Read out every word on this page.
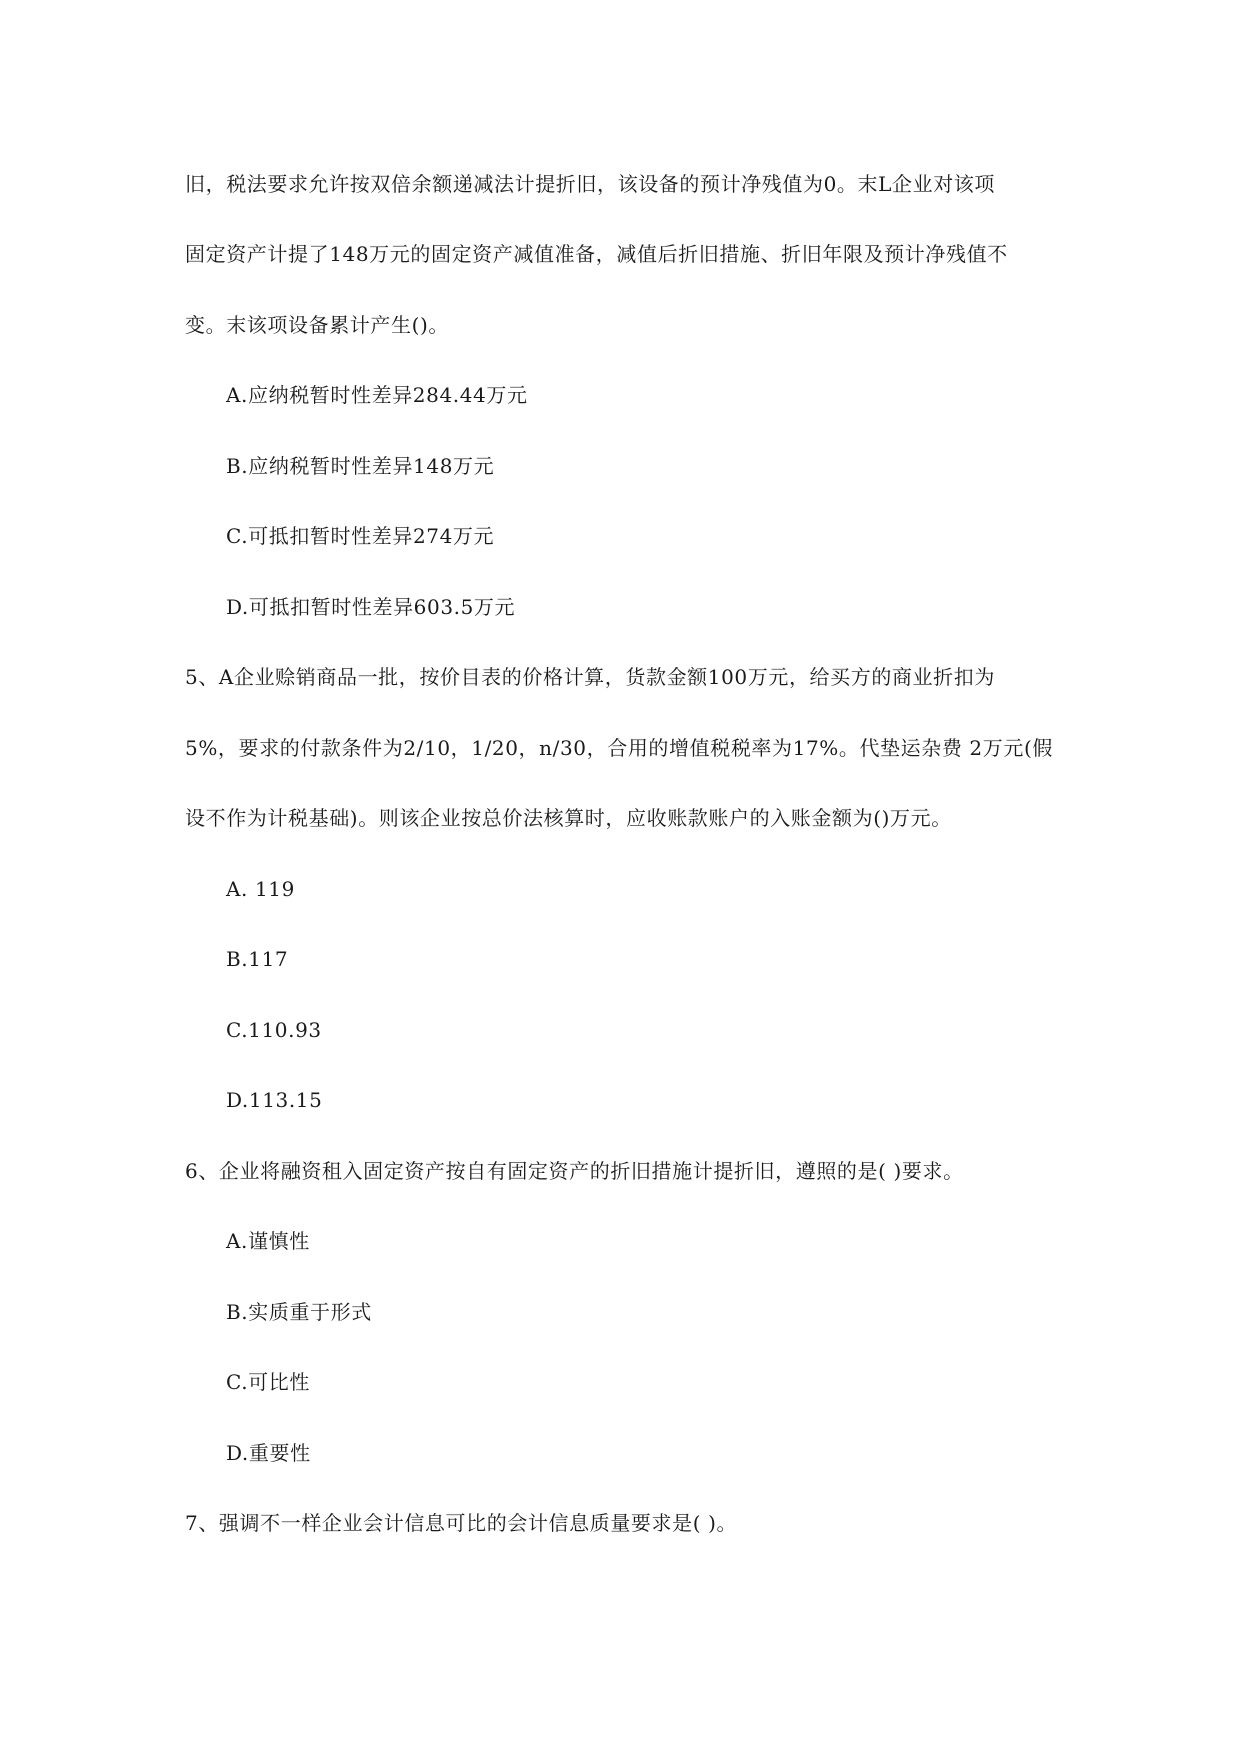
旧，税法要求允许按双倍余额递减法计提折旧，该设备的预计净残值为0。末L企业对该项
固定资产计提了148万元的固定资产减值准备，减值后折旧措施、折旧年限及预计净残值不
变。末该项设备累计产生()。
A.应纳税暂时性差异284.44万元
B.应纳税暂时性差异148万元
C.可抵扣暂时性差异274万元
D.可抵扣暂时性差异603.5万元
5、A企业赊销商品一批，按价目表的价格计算，货款金额100万元，给买方的商业折扣为
5%，要求的付款条件为2/10，1/20，n/30，合用的增值税税率为17%。代垫运杂费 2万元(假
设不作为计税基础)。则该企业按总价法核算时，应收账款账户的入账金额为()万元。
A. 119
B.117
C.110.93
D.113.15
6、企业将融资租入固定资产按自有固定资产的折旧措施计提折旧，遵照的是( )要求。
A.谨慎性
B.实质重于形式
C.可比性
D.重要性
7、强调不一样企业会计信息可比的会计信息质量要求是( )。
